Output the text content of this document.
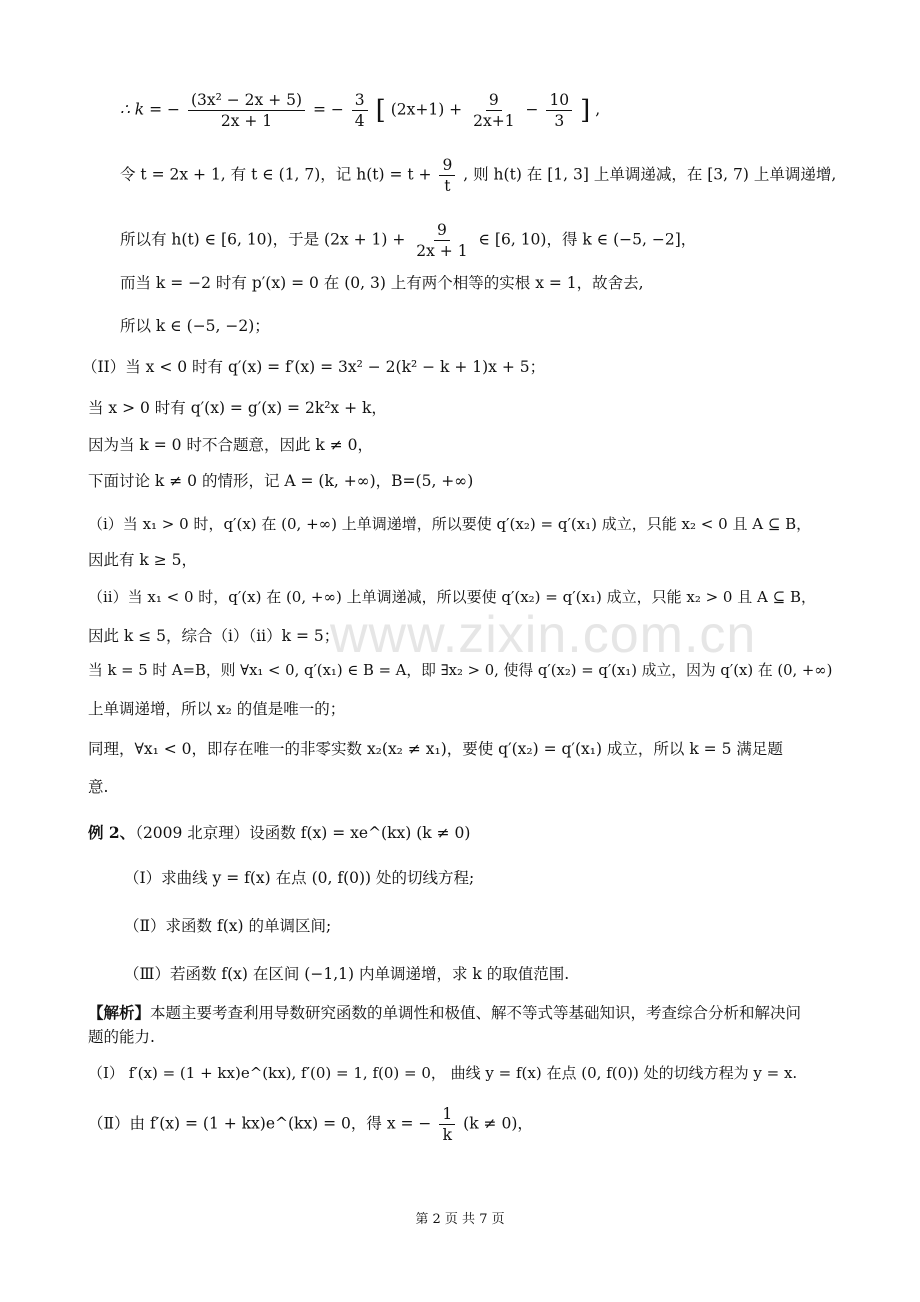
www.zixin.com.cn
∴ k = − $\frac{\text{(3x² − 2x + 5)}}{2x + 1}$ = − $\frac{3}{4}$ [ $(2x+1) + \frac{9}{2x+1} - \frac{10}{3}$ ] ,
令 t = 2x + 1, 有 t ∈ (1, 7)，记 $h(t) = t + \frac{9}{t}$ , 则 h(t) 在 [1, 3] 上单调递减，在 [3, 7) 上单调递增,
所以有 h(t) ∈ [6, 10)，于是 $(2x + 1) + \frac{9}{2x + 1}$ ∈ [6, 10)，得 k ∈ (−5, −2]，
而当 k = −2 时有 p′(x) = 0 在 (0, 3) 上有两个相等的实根 x = 1，故舍去,
所以 k ∈ (−5, −2)；
（II）当 x < 0 时有 q′(x) = f′(x) = 3x² − 2(k² − k + 1)x + 5；
当 x > 0 时有 q′(x) = g′(x) = 2k²x + k，
因为当 k = 0 时不合题意，因此 k ≠ 0，
下面讨论 k ≠ 0 的情形，记 A = (k, +∞)，B=(5, +∞)
（i）当 x₁ > 0 时，q′(x) 在 (0, +∞) 上单调递增，所以要使 q′(x₂) = q′(x₁) 成立，只能 x₂ < 0 且 A ⊆ B，
因此有 k ≥ 5，
（ii）当 x₁ < 0 时，q′(x) 在 (0, +∞) 上单调递减，所以要使 q′(x₂) = q′(x₁) 成立，只能 x₂ > 0 且 A ⊆ B，
因此 k ≤ 5，综合（i）（ii）k = 5；
当 k = 5 时 A=B，则 ∀x₁ < 0, q′(x₁) ∈ B = A，即 ∃x₂ > 0, 使得 q′(x₂) = q′(x₁) 成立，因为 q′(x) 在 (0, +∞)
上单调递增，所以 x₂ 的值是唯一的；
同理，∀x₁ < 0，即存在唯一的非零实数 x₂(x₂ ≠ x₁)，要使 q′(x₂) = q′(x₁) 成立，所以 k = 5 满足题
意.
例 2、（2009 北京理）设函数 f(x) = xe^(kx) (k ≠ 0)
（Ⅰ）求曲线 y = f(x) 在点 (0, f(0)) 处的切线方程;
（Ⅱ）求函数 f(x) 的单调区间;
（Ⅲ）若函数 f(x) 在区间 (−1,1) 内单调递增，求 k 的取值范围.
【解析】本题主要考查利用导数研究函数的单调性和极值、解不等式等基础知识，考查综合分析和解决问
题的能力.
（Ⅰ） f′(x) = (1 + kx)e^(kx), f′(0) = 1, f(0) = 0， 曲线 y = f(x) 在点 (0, f(0)) 处的切线方程为 y = x.
（Ⅱ）由 f′(x) = (1 + kx)e^(kx) = 0，得 x = − $\frac{1}{k} (k \ne 0)$，
第 2 页 共 7 页
